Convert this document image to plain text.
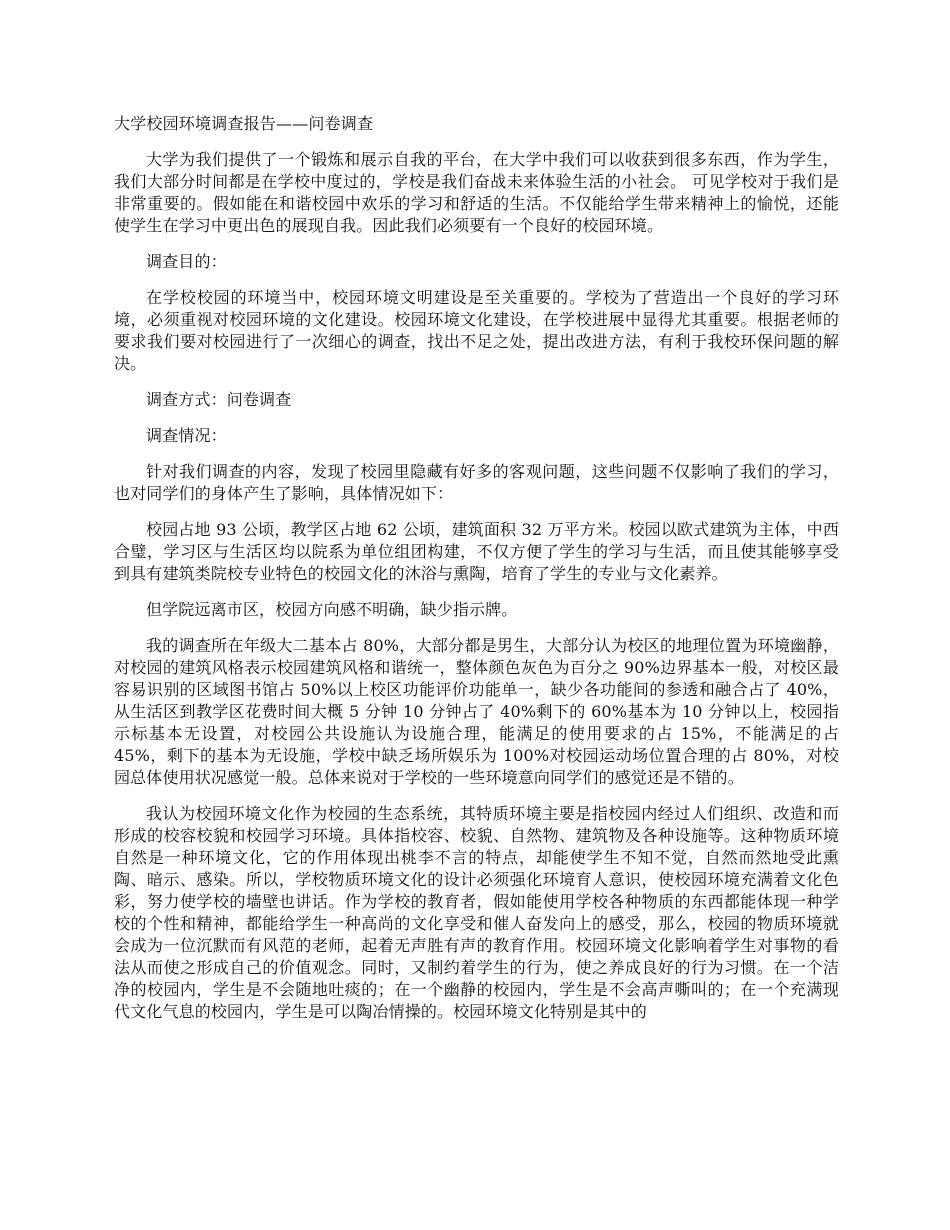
大学校园环境调查报告——问卷调查

大学为我们提供了一个锻炼和展示自我的平台，在大学中我们可以收获到很多东西，作为学生，我们大部分时间都是在学校中度过的，学校是我们奋战未来体验生活的小社会。 可见学校对于我们是非常重要的。假如能在和谐校园中欢乐的学习和舒适的生活。不仅能给学生带来精神上的愉悦，还能使学生在学习中更出色的展现自我。因此我们必须要有一个良好的校园环境。

调查目的：

在学校校园的环境当中，校园环境文明建设是至关重要的。学校为了营造出一个良好的学习环境，必须重视对校园环境的文化建设。校园环境文化建设，在学校进展中显得尤其重要。根据老师的要求我们要对校园进行了一次细心的调查，找出不足之处，提出改进方法，有利于我校环保问题的解决。

调查方式：问卷调查

调查情况：

针对我们调查的内容，发现了校园里隐藏有好多的客观问题，这些问题不仅影响了我们的学习，也对同学们的身体产生了影响，具体情况如下：

校园占地 93 公顷，教学区占地 62 公顷，建筑面积 32 万平方米。校园以欧式建筑为主体，中西合璧，学习区与生活区均以院系为单位组团构建，不仅方便了学生的学习与生活，而且使其能够享受到具有建筑类院校专业特色的校园文化的沐浴与熏陶，培育了学生的专业与文化素养。

但学院远离市区，校园方向感不明确，缺少指示牌。

我的调查所在年级大二基本占 80%，大部分都是男生，大部分认为校区的地理位置为环境幽静，对校园的建筑风格表示校园建筑风格和谐统一，整体颜色灰色为百分之 90%边界基本一般，对校区最容易识别的区域图书馆占 50%以上校区功能评价功能单一，缺少各功能间的参透和融合占了 40%，从生活区到教学区花费时间大概 5 分钟 10 分钟占了 40%剩下的 60%基本为 10 分钟以上，校园指示标基本无设置，对校园公共设施认为设施合理，能满足的使用要求的占 15%，不能满足的占 45%，剩下的基本为无设施，学校中缺乏场所娱乐为 100%对校园运动场位置合理的占 80%，对校园总体使用状况感觉一般。总体来说对于学校的一些环境意向同学们的感觉还是不错的。

我认为校园环境文化作为校园的生态系统，其特质环境主要是指校园内经过人们组织、改造和而形成的校容校貌和校园学习环境。具体指校容、校貌、自然物、建筑物及各种设施等。这种物质环境自然是一种环境文化，它的作用体现出桃李不言的特点，却能使学生不知不觉，自然而然地受此熏陶、暗示、感染。所以，学校物质环境文化的设计必须强化环境育人意识，使校园环境充满着文化色彩，努力使学校的墙壁也讲话。作为学校的教育者，假如能使用学校各种物质的东西都能体现一种学校的个性和精神，都能给学生一种高尚的文化享受和催人奋发向上的感受，那么，校园的物质环境就会成为一位沉默而有风范的老师，起着无声胜有声的教育作用。校园环境文化影响着学生对事物的看法从而使之形成自己的价值观念。同时，又制约着学生的行为，使之养成良好的行为习惯。在一个洁净的校园内，学生是不会随地吐痰的；在一个幽静的校园内，学生是不会高声嘶叫的；在一个充满现代文化气息的校园内，学生是可以陶冶情操的。校园环境文化特别是其中的
